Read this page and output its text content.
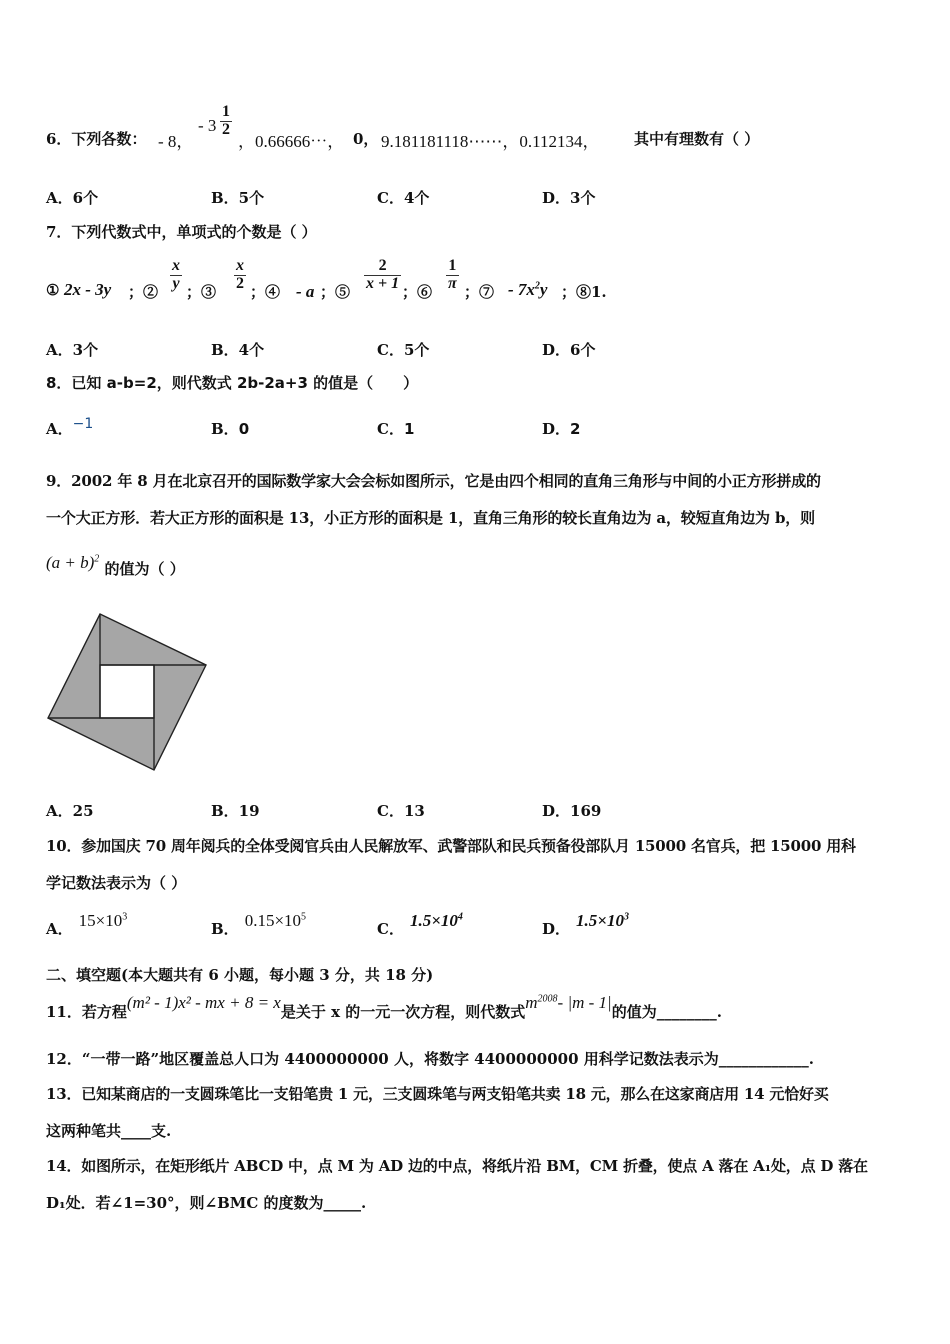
6．下列各数： - 8，
- $3 \frac{1}{2}$
，0.66666⋯， 0， 9.181181118⋯⋯，0.112134， 其中有理数有（ ）
A．6个	B．5个	C．4个	D．3个
7．下列代数式中，单项式的个数是（ ）
① 2x - 3y ；② $\frac{x}{y}$ ；③ $\frac{x}{2}$ ；④ - a ；⑤ $\frac{2}{x + 1}$ ；⑥ $\frac{1}{\pi}$ ；⑦ - $7x^2y$ ；⑧1.
A．3个	B．4个	C．5个	D．6个
8．已知 a-b=2，则代数式 2b-2a+3 的值是（　　）
A．−1	B．0	C．1	D．2
9．2002 年 8 月在北京召开的国际数学家大会会标如图所示，它是由四个相同的直角三角形与中间的小正方形拼成的
一个大正方形．若大正方形的面积是 13，小正方形的面积是 1，直角三角形的较长直角边为 a，较短直角边为 b，则
$(a + b)^2$ 的值为（ ）
A．25	B．19	C．13	D．169
10．参加国庆 70 周年阅兵的全体受阅官兵由人民解放军、武警部队和民兵预备役部队月 15000 名官兵，把 15000 用科
学记数法表示为（ ）
A． $15\times 10^3$
B． $0.15\times 10^5$
C． $1.5\times 10^4$
D． $1.5\times 10^3$
二、填空题(本大题共有 6 小题，每小题 3 分，共 18 分)
11．若方程(m² - 1)x² - mx + 8 = x是关于 x 的一元一次方程，则代数式$m^{2008}-$ |m - 1|的值为________.
12．“一带一路”地区覆盖总人口为 4400000000 人，将数字 4400000000 用科学记数法表示为____________.
13．已知某商店的一支圆珠笔比一支铅笔贵 1 元，三支圆珠笔与两支铅笔共卖 18 元，那么在这家商店用 14 元恰好买
这两种笔共____支.
14．如图所示，在矩形纸片 ABCD 中，点 M 为 AD 边的中点，将纸片沿 BM，CM 折叠，使点 A 落在 A₁处，点 D 落在
D₁处．若∠1=30°，则∠BMC 的度数为_____.
